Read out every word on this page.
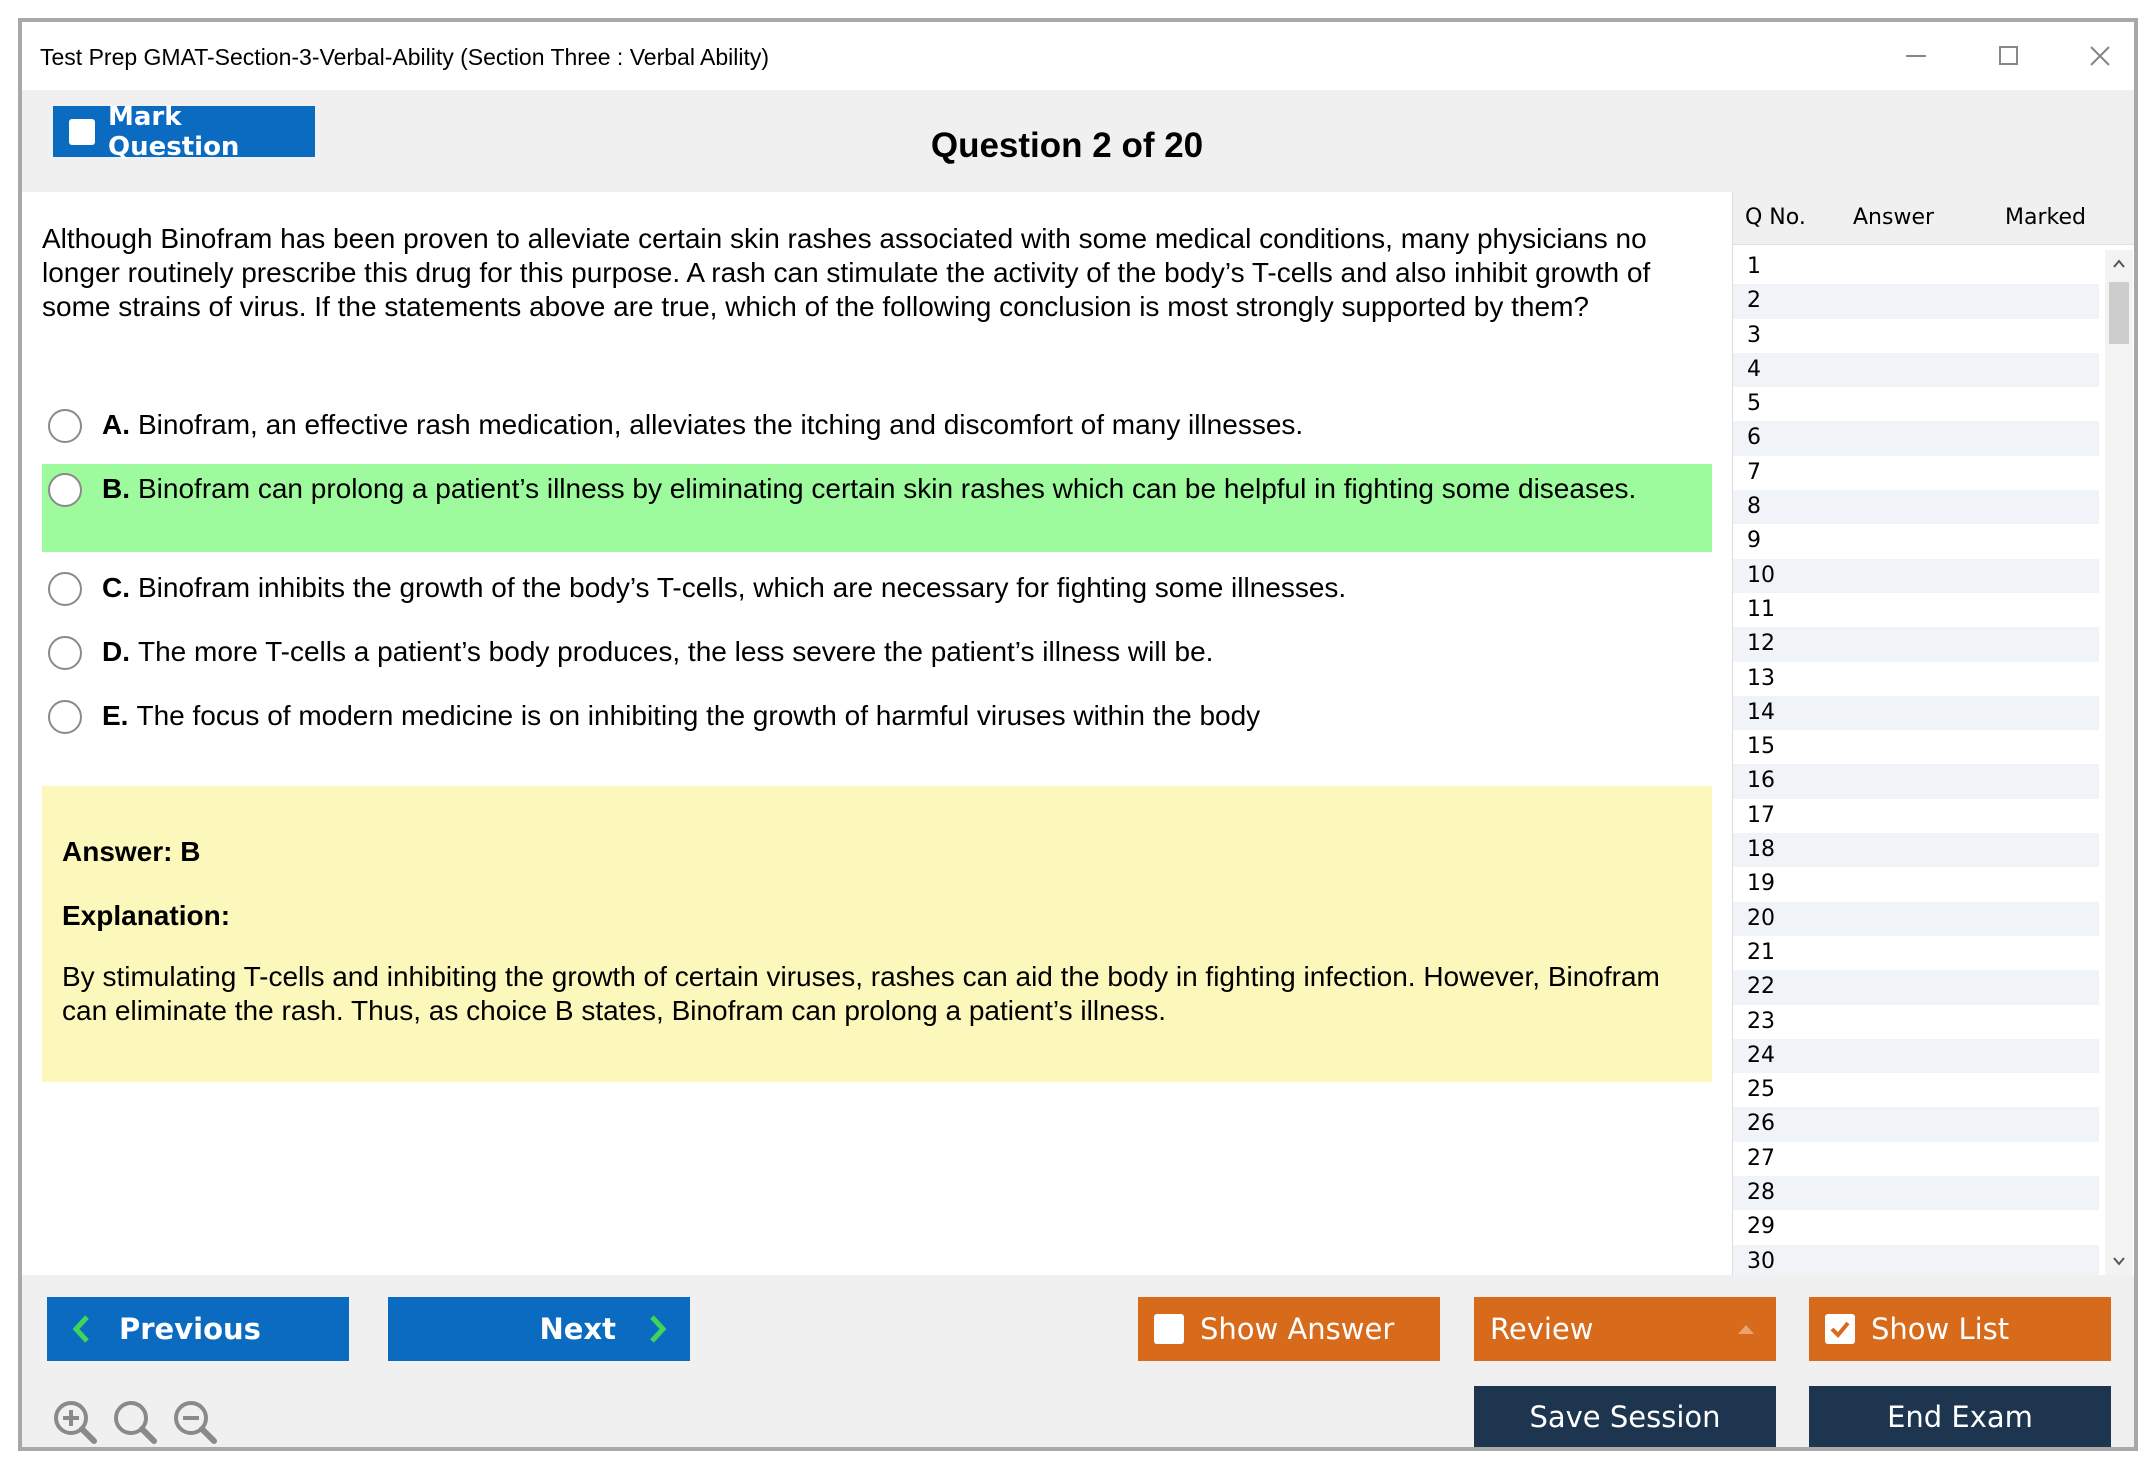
Test Prep GMAT-Section-3-Verbal-Ability (Section Three : Verbal Ability)
Mark Question	Question 2 of 20
Although Binofram has been proven to alleviate certain skin rashes associated with some medical conditions, many physicians no longer routinely prescribe this drug for this purpose. A rash can stimulate the activity of the body’s T-cells and also inhibit growth of some strains of virus. If the statements above are true, which of the following conclusion is most strongly supported by them?
A. Binofram, an effective rash medication, alleviates the itching and discomfort of many illnesses.
B. Binofram can prolong a patient’s illness by eliminating certain skin rashes which can be helpful in fighting some diseases.
C. Binofram inhibits the growth of the body’s T-cells, which are necessary for fighting some illnesses.
D. The more T-cells a patient’s body produces, the less severe the patient’s illness will be.
E. The focus of modern medicine is on inhibiting the growth of harmful viruses within the body
Answer: B
Explanation:
By stimulating T-cells and inhibiting the growth of certain viruses, rashes can aid the body in fighting infection. However, Binofram can eliminate the rash. Thus, as choice B states, Binofram can prolong a patient’s illness.
Q No. Answer	Marked
1
2
3
4
5
6
7
8
9
10
11
12
13
14
15
16
17
18
19
20
21
22
23
24
25
26
27
28
29
30
Previous	Next	Show Answer	Review	Show List
Save Session	End Exam
